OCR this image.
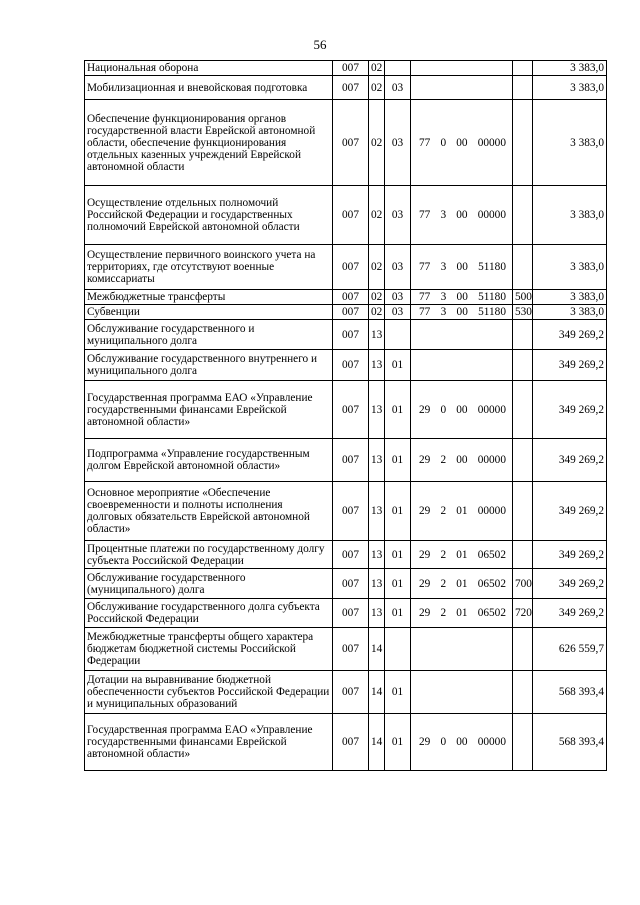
56
Национальная оборона	007	02				3 383,0
Мобилизационная и вневойсковая подготовка	007	02	03			3 383,0
Обеспечение функционирования органов государственной власти Еврейской автономной области, обеспечение функционирования отдельных казенных учреждений Еврейской автономной области	007	02	03	77 0 00 00000		3 383,0
Осуществление отдельных полномочий Российской Федерации и государственных полномочий Еврейской автономной области	007	02	03	77 3 00 00000		3 383,0
Осуществление первичного воинского учета на территориях, где отсутствуют военные комиссариаты	007	02	03	77 3 00 51180		3 383,0
Межбюджетные трансферты	007	02	03	77 3 00 51180	500	3 383,0
Субвенции	007	02	03	77 3 00 51180	530	3 383,0
Обслуживание государственного и муниципального долга	007	13				349 269,2
Обслуживание государственного внутреннего и муниципального долга	007	13	01			349 269,2
Государственная программа ЕАО «Управление государственными финансами Еврейской автономной области»	007	13	01	29 0 00 00000		349 269,2
Подпрограмма «Управление государственным долгом Еврейской автономной области»	007	13	01	29 2 00 00000		349 269,2
Основное мероприятие «Обеспечение своевременности и полноты исполнения долговых обязательств Еврейской автономной области»	007	13	01	29 2 01 00000		349 269,2
Процентные платежи по государственному долгу субъекта Российской Федерации	007	13	01	29 2 01 06502		349 269,2
Обслуживание государственного (муниципального) долга	007	13	01	29 2 01 06502	700	349 269,2
Обслуживание государственного долга субъекта Российской Федерации	007	13	01	29 2 01 06502	720	349 269,2
Межбюджетные трансферты общего характера бюджетам бюджетной системы Российской Федерации	007	14				626 559,7
Дотации на выравнивание бюджетной обеспеченности субъектов Российской Федерации и муниципальных образований	007	14	01			568 393,4
Государственная программа ЕАО «Управление государственными финансами Еврейской автономной области»	007	14	01	29 0 00 00000		568 393,4
